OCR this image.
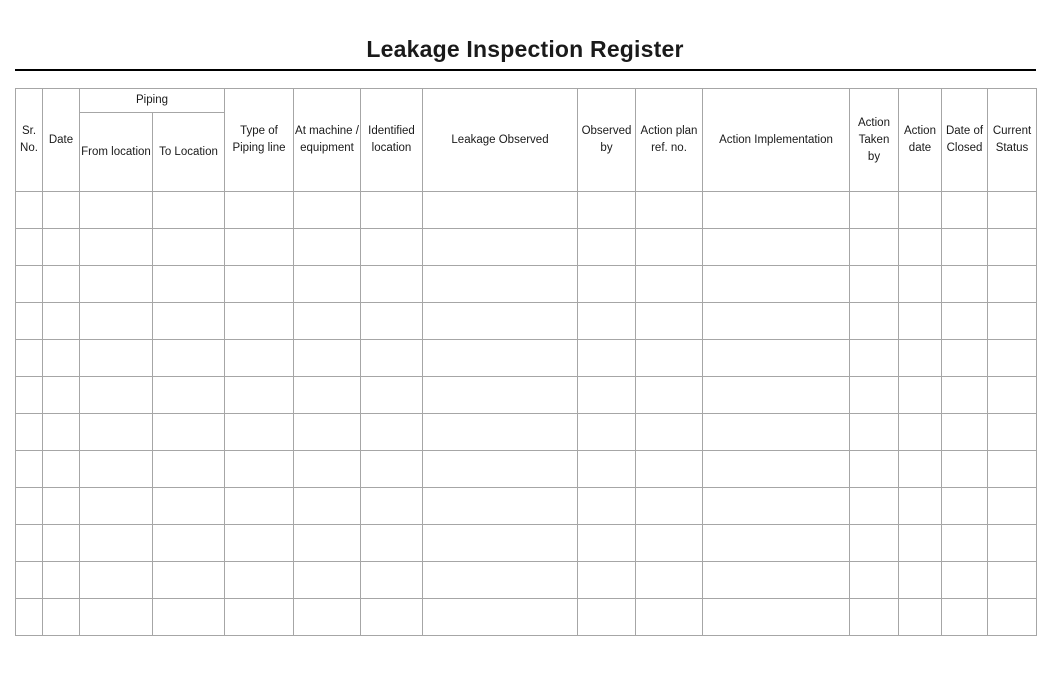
Leakage Inspection Register
Sr. No.	Date	Piping		Type of Piping line	At machine / equipment	Identified location	Leakage Observed	Observed by	Action plan ref. no.	Action Implementation	Action Taken by	Action date	Date of Closed	Current Status
		From location	To Location											
